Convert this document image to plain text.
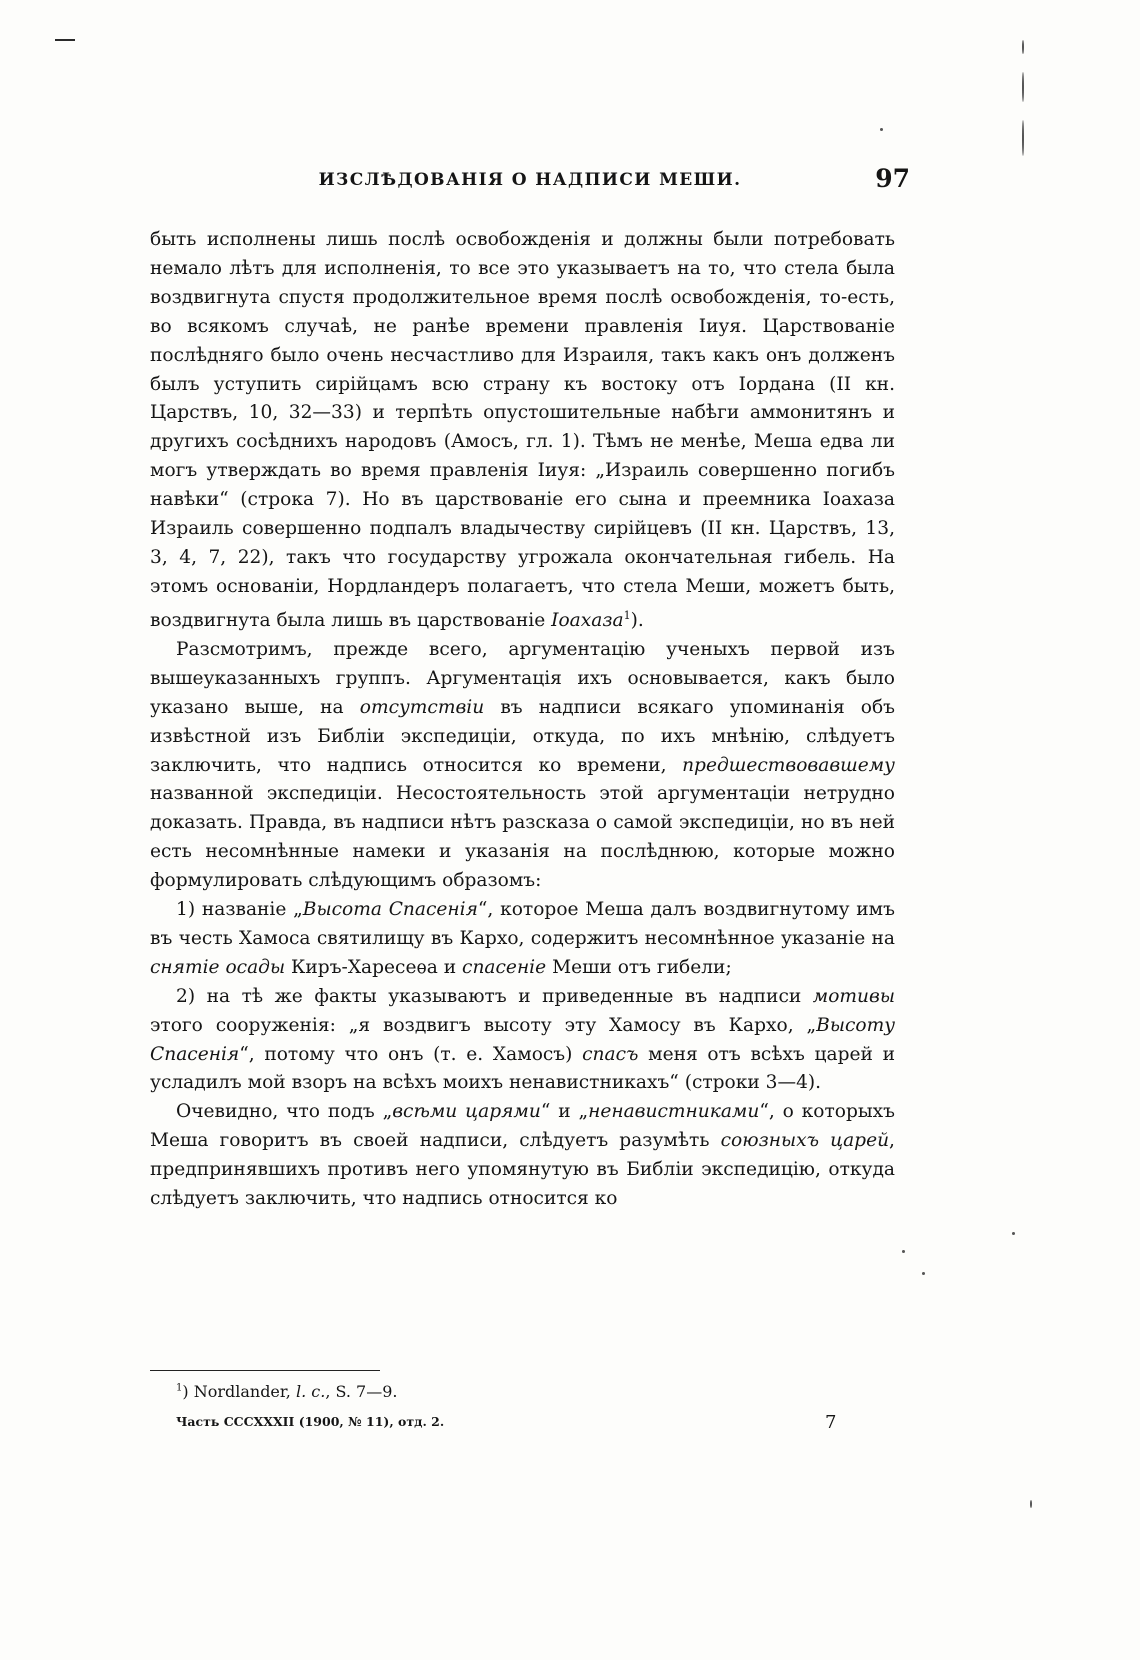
ИЗСЛѢДОВАНІЯ О НАДПИСИ МЕШИ.	97

быть исполнены лишь послѣ освобожденія и должны были потребовать немало лѣтъ для исполненія, то все это указываетъ на то, что стела была воздвигнута спустя продолжительное время послѣ освобожденія, то-есть, во всякомъ случаѣ, не ранѣе времени правленія Іиуя. Царствованіе послѣдняго было очень несчастливо для Израиля, такъ какъ онъ долженъ былъ уступить сирійцамъ всю страну къ востоку отъ Іордана (II кн. Царствъ, 10, 32—33) и терпѣть опустошительные набѣги аммонитянъ и другихъ сосѣднихъ народовъ (Амосъ, гл. 1). Тѣмъ не менѣе, Меша едва ли могъ утверждать во время правленія Іиуя: „Израиль совершенно погибъ навѣки“ (строка 7). Но въ царствованіе его сына и преемника Іоахаза Израиль совершенно подпалъ владычеству сирійцевъ (II кн. Царствъ, 13, 3, 4, 7, 22), такъ что государству угрожала окончательная гибель. На этомъ основаніи, Нордландеръ полагаетъ, что стела Меши, можетъ быть, воздвигнута была лишь въ царствованіе Іоахаза$^1$).

Разсмотримъ, прежде всего, аргументацію ученыхъ первой изъ вышеуказанныхъ группъ. Аргументація ихъ основывается, какъ было указано выше, на отсутствіи въ надписи всякаго упоминанія объ извѣстной изъ Библіи экспедиціи, откуда, по ихъ мнѣнію, слѣдуетъ заключить, что надпись относится ко времени, предшествовавшему названной экспедиціи. Несостоятельность этой аргументаціи нетрудно доказать. Правда, въ надписи нѣтъ разсказа о самой экспедиціи, но въ ней есть несомнѣнные намеки и указанія на послѣднюю, которые можно формулировать слѣдующимъ образомъ:

1) названіе „Высота Спасенія“, которое Меша далъ воздвигнутому имъ въ честь Хамоса святилищу въ Кархо, содержитъ несомнѣнное указаніе на снятіе осады Киръ-Харесеѳа и спасеніе Меши отъ гибели;

2) на тѣ же факты указываютъ и приведенные въ надписи мотивы этого сооруженія: „я воздвигъ высоту эту Хамосу въ Кархо, „Высоту Спасенія“, потому что онъ (т. е. Хамосъ) спасъ меня отъ всѣхъ царей и усладилъ мой взоръ на всѣхъ моихъ ненавистникахъ“ (строки 3—4).

Очевидно, что подъ „всѣми царями“ и „ненавистниками“, о которыхъ Меша говоритъ въ своей надписи, слѣдуетъ разумѣть союзныхъ царей, предпринявшихъ противъ него упомянутую въ Библіи экспедицію, откуда слѣдуетъ заключить, что надпись относится ко

$^1$) Nordlander, l. c., S. 7—9.
Часть CCCXXXII (1900, № 11), отд. 2.	7
